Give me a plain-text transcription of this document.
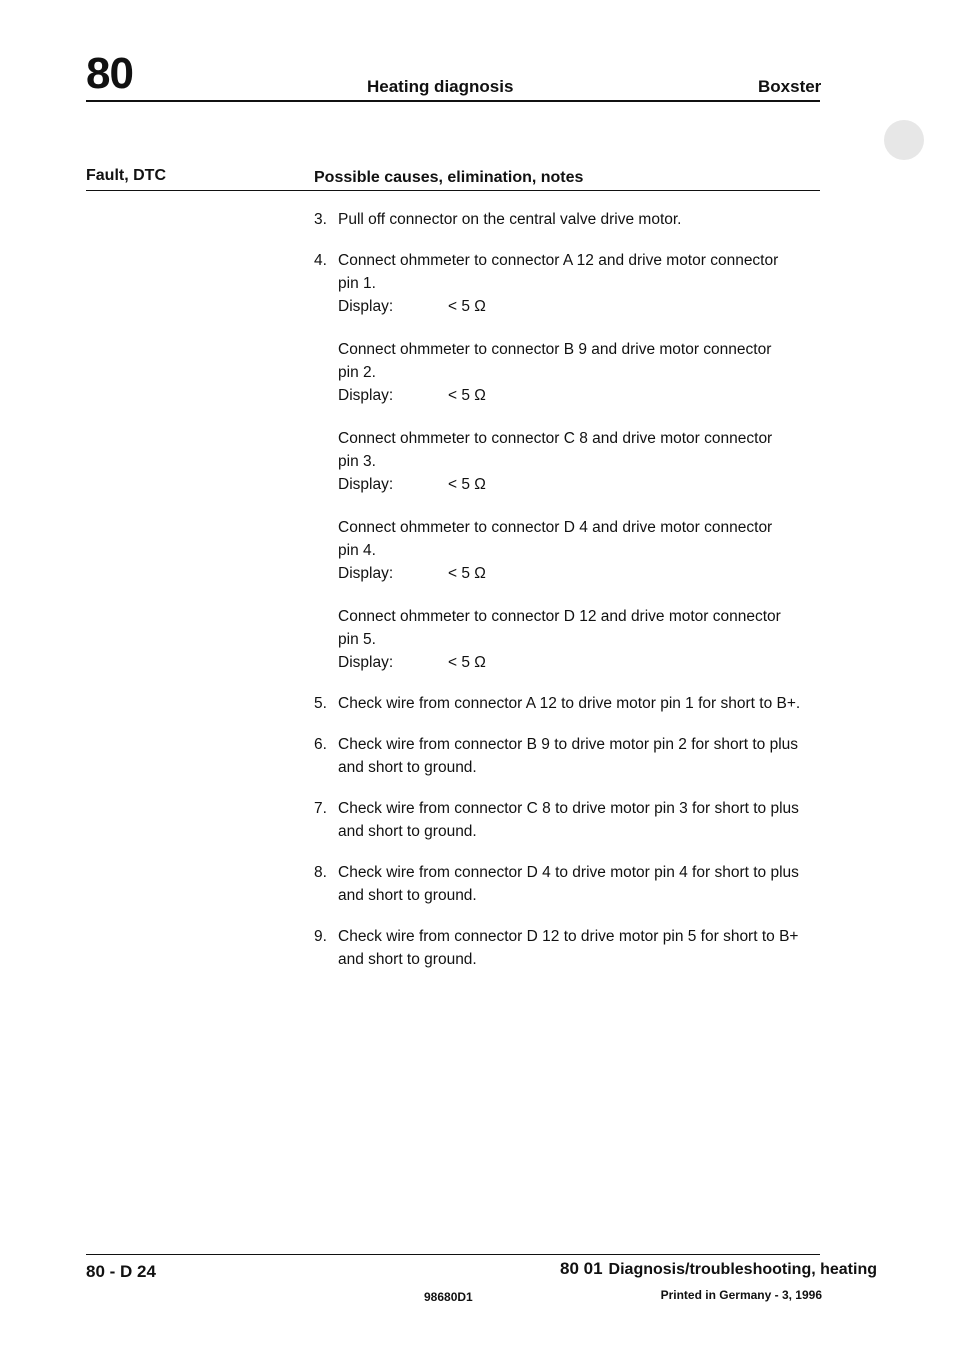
80	Heating diagnosis	Boxster
Fault, DTC	Possible causes, elimination, notes
3. Pull off connector on the central valve drive motor.
4. Connect ohmmeter to connector A 12 and drive motor connector
pin 1.
Display:	< 5 Ω
Connect ohmmeter to connector B 9 and drive motor connector
pin 2.
Display:	< 5 Ω
Connect ohmmeter to connector C 8 and drive motor connector
pin 3.
Display:	< 5 Ω
Connect ohmmeter to connector D 4 and drive motor connector
pin 4.
Display:	< 5 Ω
Connect ohmmeter to connector D 12 and drive motor connector
pin 5.
Display:	< 5 Ω
5. Check wire from connector A 12 to drive motor pin 1 for short to B+.
6. Check wire from connector B 9 to drive motor pin 2 for short to plus
and short to ground.
7. Check wire from connector C 8 to drive motor pin 3 for short to plus
and short to ground.
8. Check wire from connector D 4 to drive motor pin 4 for short to plus
and short to ground.
9. Check wire from connector D 12 to drive motor pin 5 for short to B+
and short to ground.
80 - D 24	80 01 Diagnosis/troubleshooting, heating
98680D1	Printed in Germany - 3, 1996
